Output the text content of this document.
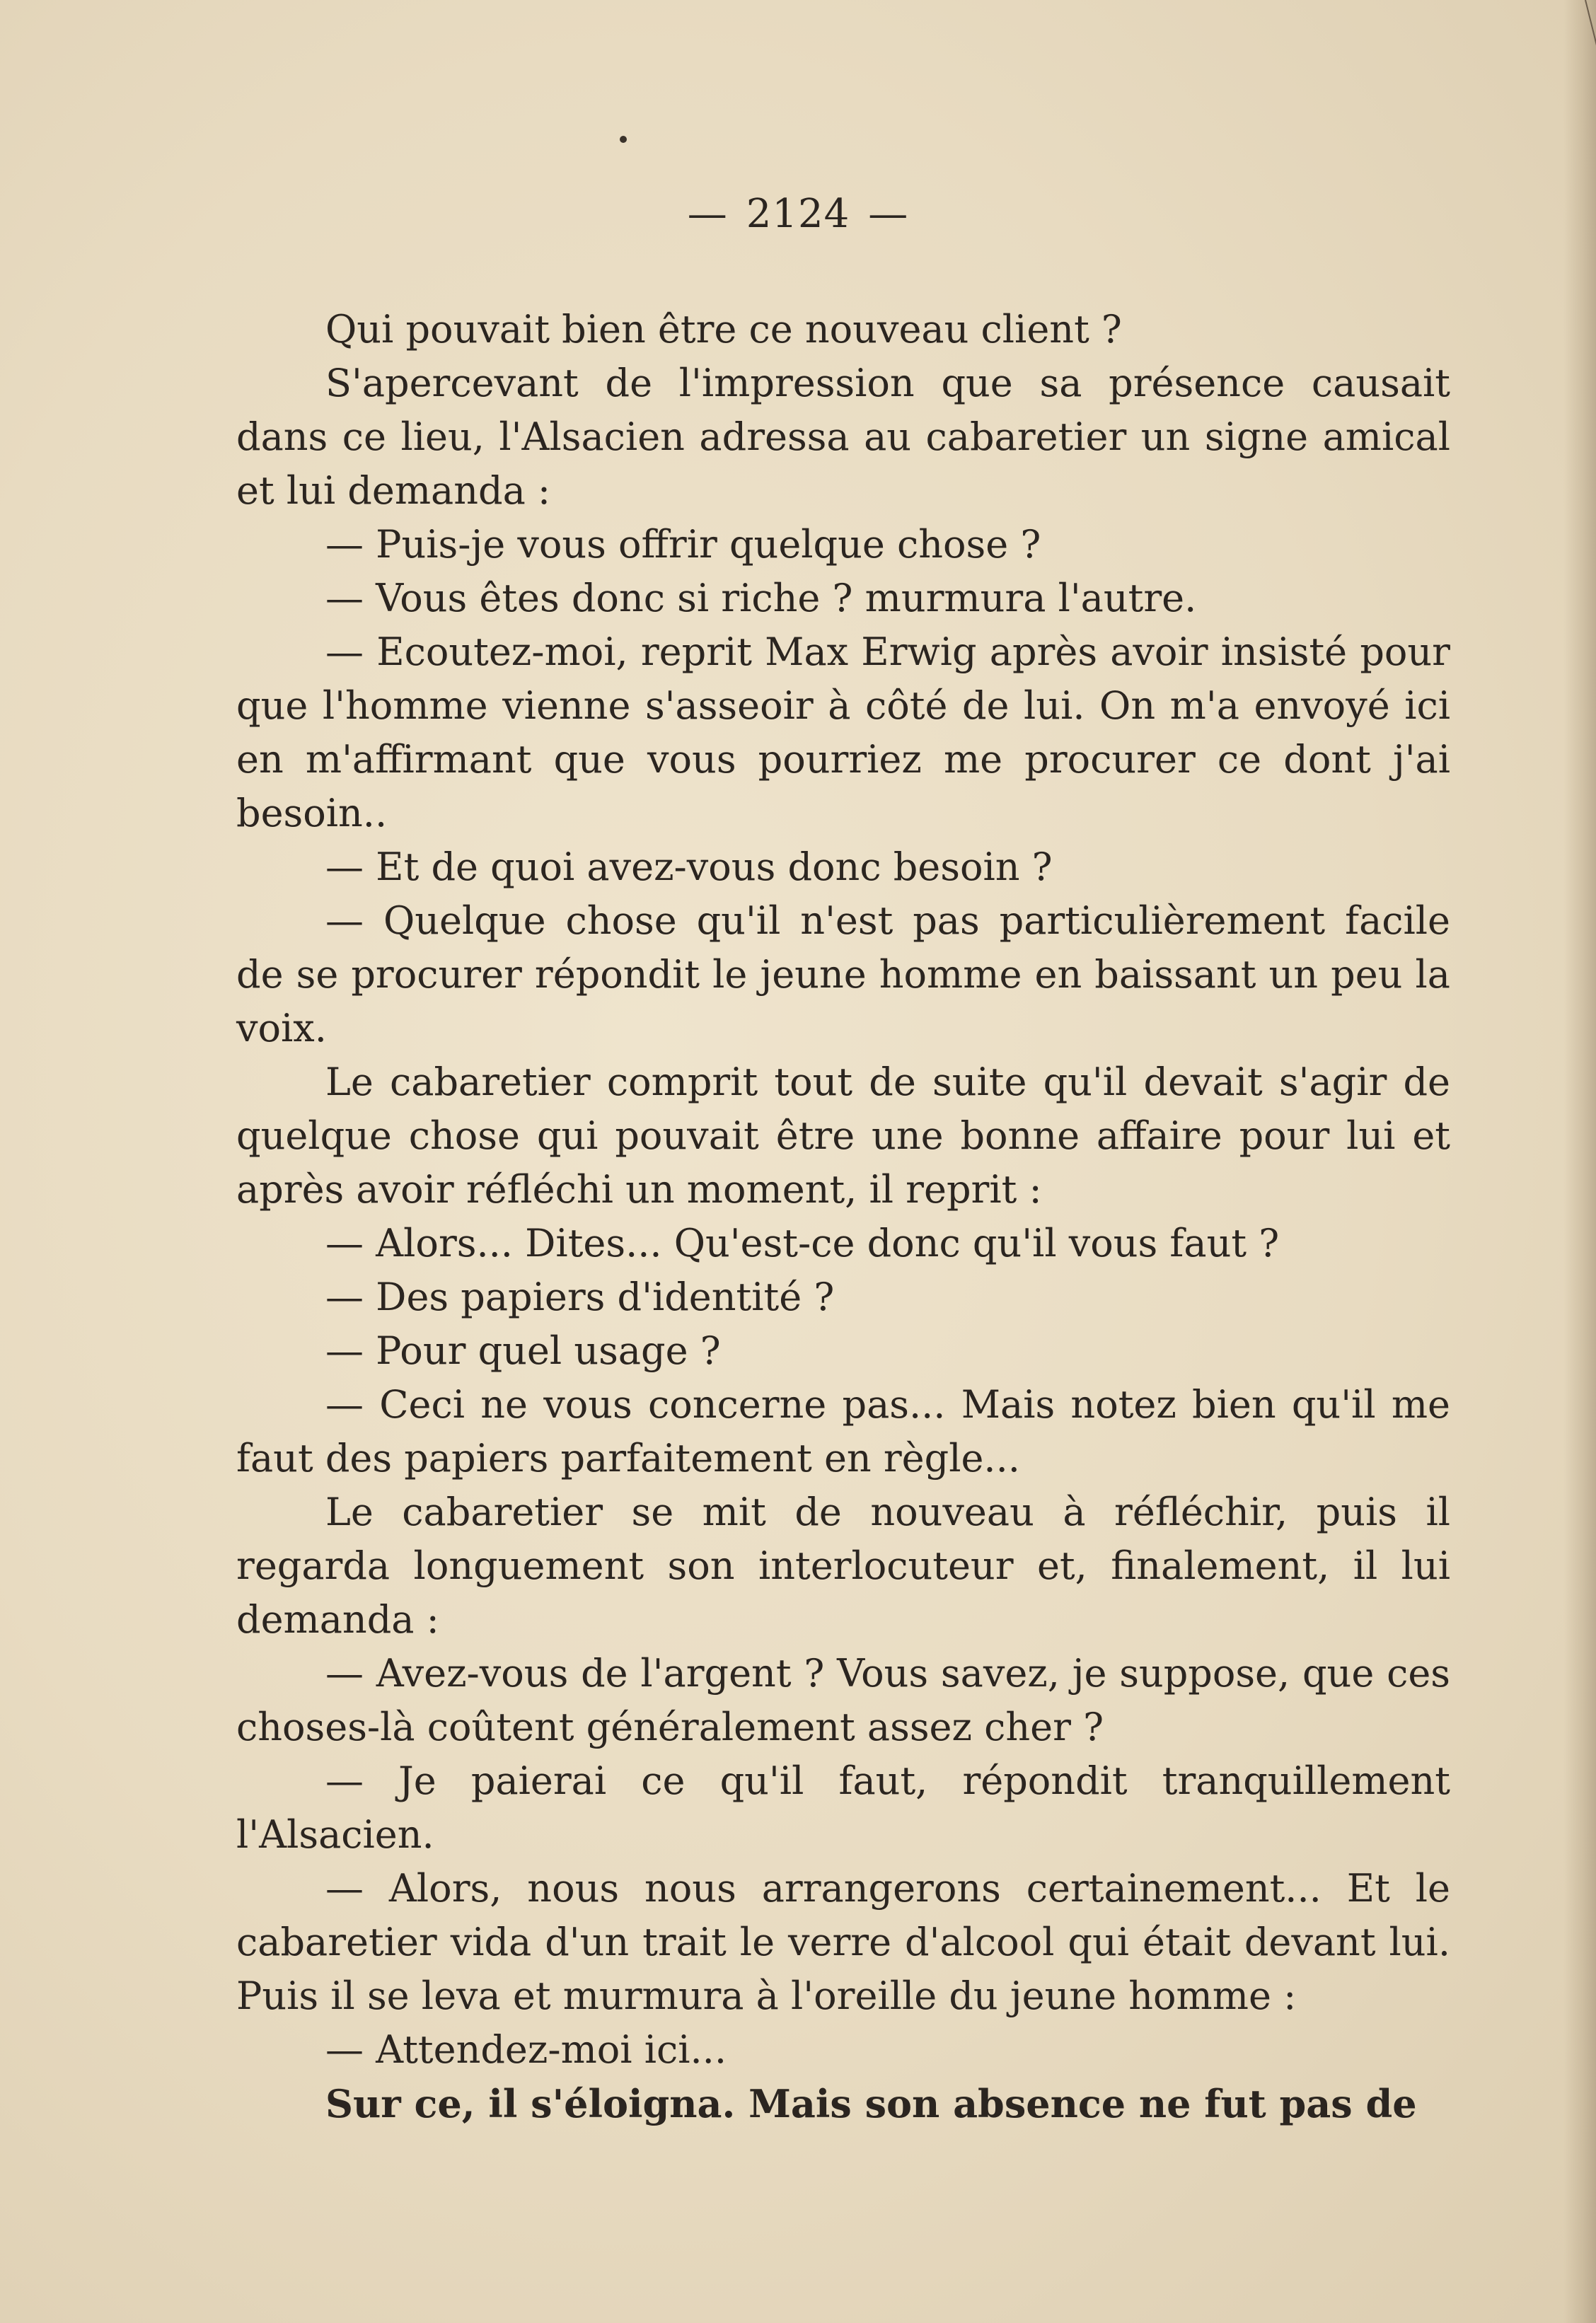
— 2124 —

Qui pouvait bien être ce nouveau client ?

S'apercevant de l'impression que sa présence causait dans ce lieu, l'Alsacien adressa au cabaretier un signe amical et lui demanda :

— Puis-je vous offrir quelque chose ?

— Vous êtes donc si riche ? murmura l'autre.

— Ecoutez-moi, reprit Max Erwig après avoir insisté pour que l'homme vienne s'asseoir à côté de lui. On m'a envoyé ici en m'affirmant que vous pourriez me procurer ce dont j'ai besoin..

— Et de quoi avez-vous donc besoin ?

— Quelque chose qu'il n'est pas particulièrement facile de se procurer répondit le jeune homme en baissant un peu la voix.

Le cabaretier comprit tout de suite qu'il devait s'agir de quelque chose qui pouvait être une bonne affaire pour lui et après avoir réfléchi un moment, il reprit :

— Alors... Dites... Qu'est-ce donc qu'il vous faut ?

— Des papiers d'identité ?

— Pour quel usage ?

— Ceci ne vous concerne pas... Mais notez bien qu'il me faut des papiers parfaitement en règle...

Le cabaretier se mit de nouveau à réfléchir, puis il regarda longuement son interlocuteur et, finalement, il lui demanda :

— Avez-vous de l'argent ? Vous savez, je suppose, que ces choses-là coûtent généralement assez cher ?

— Je paierai ce qu'il faut, répondit tranquillement l'Alsacien.

— Alors, nous nous arrangerons certainement... Et le cabaretier vida d'un trait le verre d'alcool qui était devant lui. Puis il se leva et murmura à l'oreille du jeune homme :

— Attendez-moi ici...

Sur ce, il s'éloigna. Mais son absence ne fut pas de
